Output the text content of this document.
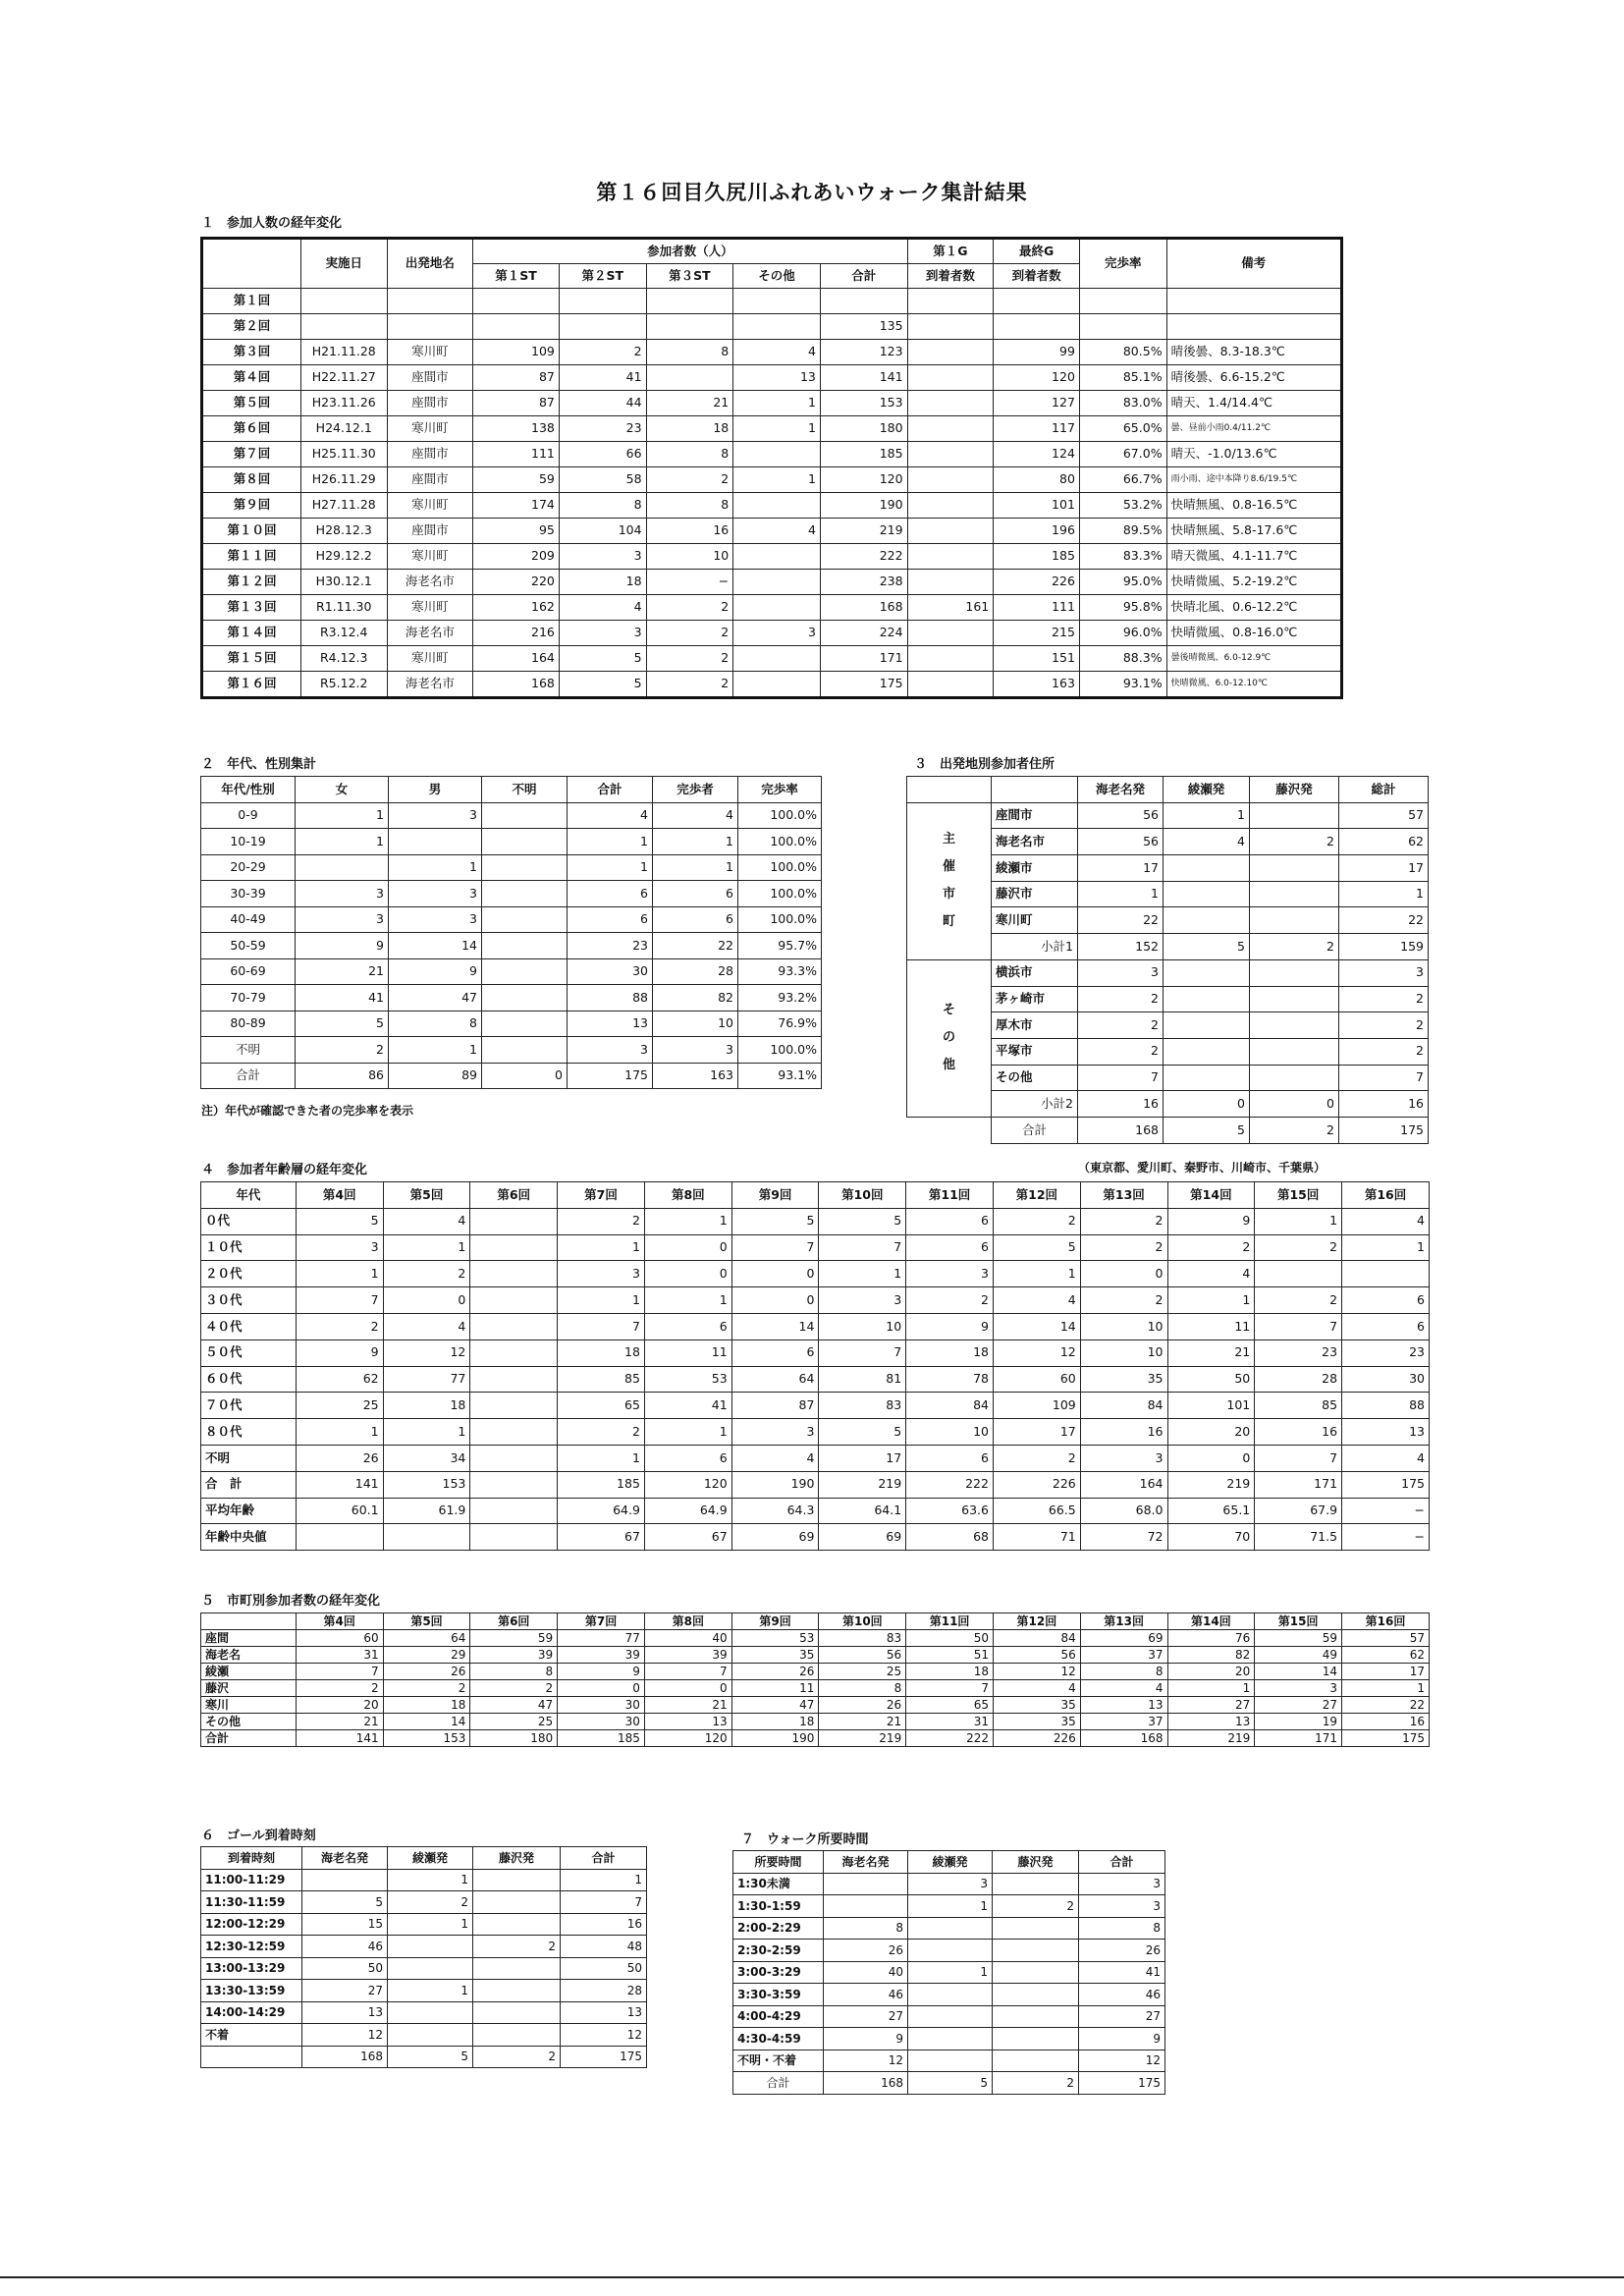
第１６回目久尻川ふれあいウォーク集計結果
１　参加人数の経年変化
	実施日	出発地名	参加者数（人）					第１G	最終G	完歩率	備考
			第１ST	第２ST	第３ST	その他	合計	到着者数	到着者数		
第１回											
第２回							135				
第３回	H21.11.28	寒川町	109	2	8	4	123		99	80.5%	晴後曇、8.3-18.3℃
第４回	H22.11.27	座間市	87	41		13	141		120	85.1%	晴後曇、6.6-15.2℃
第５回	H23.11.26	座間市	87	44	21	1	153		127	83.0%	晴天、1.4/14.4℃
第６回	H24.12.1	寒川町	138	23	18	1	180		117	65.0%	曇、昼前小雨0.4/11.2℃
第７回	H25.11.30	座間市	111	66	8		185		124	67.0%	晴天、-1.0/13.6℃
第８回	H26.11.29	座間市	59	58	2	1	120		80	66.7%	雨小雨、途中本降り8.6/19.5℃
第９回	H27.11.28	寒川町	174	8	8		190		101	53.2%	快晴無風、0.8-16.5℃
第１０回	H28.12.3	座間市	95	104	16	4	219		196	89.5%	快晴無風、5.8-17.6℃
第１１回	H29.12.2	寒川町	209	3	10		222		185	83.3%	晴天微風、4.1-11.7℃
第１２回	H30.12.1	海老名市	220	18	−		238		226	95.0%	快晴微風、5.2-19.2℃
第１３回	R1.11.30	寒川町	162	4	2		168	161	111	95.8%	快晴北風、0.6-12.2℃
第１４回	R3.12.4	海老名市	216	3	2	3	224		215	96.0%	快晴微風、0.8-16.0℃
第１５回	R4.12.3	寒川町	164	5	2		171		151	88.3%	曇後晴微風、6.0-12.9℃
第１６回	R5.12.2	海老名市	168	5	2		175		163	93.1%	快晴微風、6.0-12.10℃
２　年代、性別集計
年代/性別	女	男	不明	合計	完歩者	完歩率
0-9	1	3		4	4	100.0%
10-19	1			1	1	100.0%
20-29		1		1	1	100.0%
30-39	3	3		6	6	100.0%
40-49	3	3		6	6	100.0%
50-59	9	14		23	22	95.7%
60-69	21	9		30	28	93.3%
70-79	41	47		88	82	93.2%
80-89	5	8		13	10	76.9%
不明	2	1		3	3	100.0%
合計	86	89	0	175	163	93.1%
注）年代が確認できた者の完歩率を表示
３　出発地別参加者住所
		海老名発	綾瀬発	藤沢発	総計
主催市町	座間市	56	1		57
	海老名市	56	4	2	62
	綾瀬市	17			17
	藤沢市	1			1
	寒川町	22			22
	小計1	152	5	2	159
その他	横浜市	3			3
	茅ヶ崎市	2			2
	厚木市	2			2
	平塚市	2			2
	その他	7			7
	小計2	16	0	0	16
	合計	168	5	2	175
（東京都、愛川町、秦野市、川崎市、千葉県）
４　参加者年齢層の経年変化
年代	第4回	第5回	第6回	第7回	第8回	第9回	第10回	第11回	第12回	第13回	第14回	第15回	第16回
０代	5	4		2	1	5	5	6	2	2	9	1	4
１０代	3	1		1	0	7	7	6	5	2	2	2	1
２０代	1	2		3	0	0	1	3	1	0	4		
３０代	7	0		1	1	0	3	2	4	2	1	2	6
４０代	2	4		7	6	14	10	9	14	10	11	7	6
５０代	9	12		18	11	6	7	18	12	10	21	23	23
６０代	62	77		85	53	64	81	78	60	35	50	28	30
７０代	25	18		65	41	87	83	84	109	84	101	85	88
８０代	1	1		2	1	3	5	10	17	16	20	16	13
不明	26	34		1	6	4	17	6	2	3	0	7	4
合　計	141	153		185	120	190	219	222	226	164	219	171	175
平均年齢	60.1	61.9		64.9	64.9	64.3	64.1	63.6	66.5	68.0	65.1	67.9	−
年齢中央値				67	67	69	69	68	71	72	70	71.5	−
５　市町別参加者数の経年変化
	第4回	第5回	第6回	第7回	第8回	第9回	第10回	第11回	第12回	第13回	第14回	第15回	第16回
座間	60	64	59	77	40	53	83	50	84	69	76	59	57
海老名	31	29	39	39	39	35	56	51	56	37	82	49	62
綾瀬	7	26	8	9	7	26	25	18	12	8	20	14	17
藤沢	2	2	2	0	0	11	8	7	4	4	1	3	1
寒川	20	18	47	30	21	47	26	65	35	13	27	27	22
その他	21	14	25	30	13	18	21	31	35	37	13	19	16
合計	141	153	180	185	120	190	219	222	226	168	219	171	175
６　ゴール到着時刻
到着時刻	海老名発	綾瀬発	藤沢発	合計
11:00-11:29		1		1
11:30-11:59	5	2		7
12:00-12:29	15	1		16
12:30-12:59	46		2	48
13:00-13:29	50			50
13:30-13:59	27	1		28
14:00-14:29	13			13
不着	12			12
	168	5	2	175
７　ウォーク所要時間
所要時間	海老名発	綾瀬発	藤沢発	合計
1:30未満		3		3
1:30-1:59		1	2	3
2:00-2:29	8			8
2:30-2:59	26			26
3:00-3:29	40	1		41
3:30-3:59	46			46
4:00-4:29	27			27
4:30-4:59	9			9
不明・不着	12			12
合計	168	5	2	175
